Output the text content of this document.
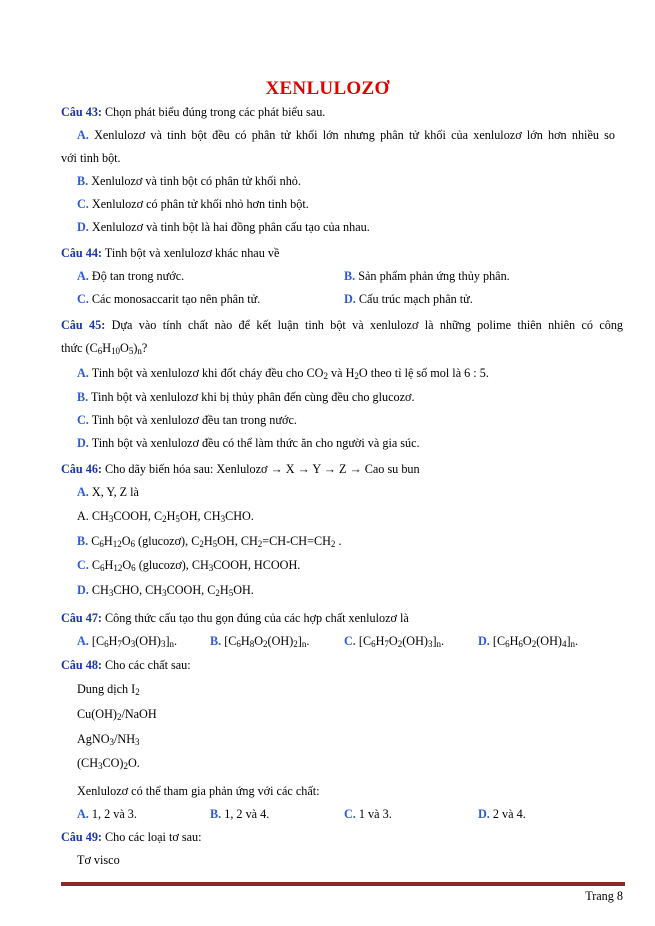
XENLULOZƠ
Câu 43: Chọn phát biểu đúng trong các phát biểu sau.
A. Xenlulozơ và tinh bột đều có phân tử khối lớn nhưng phân tử khối của xenlulozơ lớn hơn nhiều so
với tinh bột.
B. Xenlulozơ và tinh bột có phân tử khối nhỏ.
C. Xenlulozơ có phân tử khối nhỏ hơn tinh bột.
D. Xenlulozơ và tinh bột là hai đồng phân cấu tạo của nhau.
Câu 44: Tinh bột và xenlulozơ khác nhau về
A. Độ tan trong nước.	B. Sản phẩm phản ứng thủy phân.
C. Các monosaccarit tạo nên phân tử.	D. Cấu trúc mạch phân tử.
Câu 45: Dựa vào tính chất nào để kết luận tinh bột và xenlulozơ là những polime thiên nhiên có công
thức $(C_6H_{10}O_5)_n$?
A. Tinh bột và xenlulozơ khi đốt cháy đều cho $CO_2$ và $H_2O$ theo tỉ lệ số mol là 6 : 5.
B. Tinh bột và xenlulozơ khi bị thủy phân đến cùng đều cho glucozơ.
C. Tinh bột và xenlulozơ đều tan trong nước.
D. Tinh bột và xenlulozơ đều có thể làm thức ăn cho người và gia súc.
Câu 46: Cho dãy biến hóa sau: Xenlulozơ → X → Y → Z → Cao su bun
A. X, Y, Z là
A. $CH_3COOH$, $C_2H_5OH$, $CH_3CHO$.
B. $C_6H_{12}O_6$ (glucozơ), $C_2H_5OH$, $CH_2=CH-CH=CH_2$ .
C. $C_6H_{12}O_6$ (glucozơ), $CH_3COOH$, HCOOH.
D. $CH_3CHO$, $CH_3COOH$, $C_2H_5OH$.
Câu 47: Công thức cấu tạo thu gọn đúng của các hợp chất xenlulozơ là
A. $[C_6H_7O_3(OH)_3]_n$.	B. $[C_6H_8O_2(OH)_2]_n$.	C. $[C_6H_7O_2(OH)_3]_n$.	D. $[C_6H_6O_2(OH)_4]_n$.
Câu 48: Cho các chất sau:
Dung dịch $I_2$
$Cu(OH)_2$/NaOH
$AgNO_3/NH_3$
$(CH_3CO)_2O$.
Xenlulozơ có thể tham gia phản ứng với các chất:
A. 1, 2 và 3.	B. 1, 2 và 4.	C. 1 và 3.	D. 2 và 4.
Câu 49: Cho các loại tơ sau:
Tơ visco
Trang 8
